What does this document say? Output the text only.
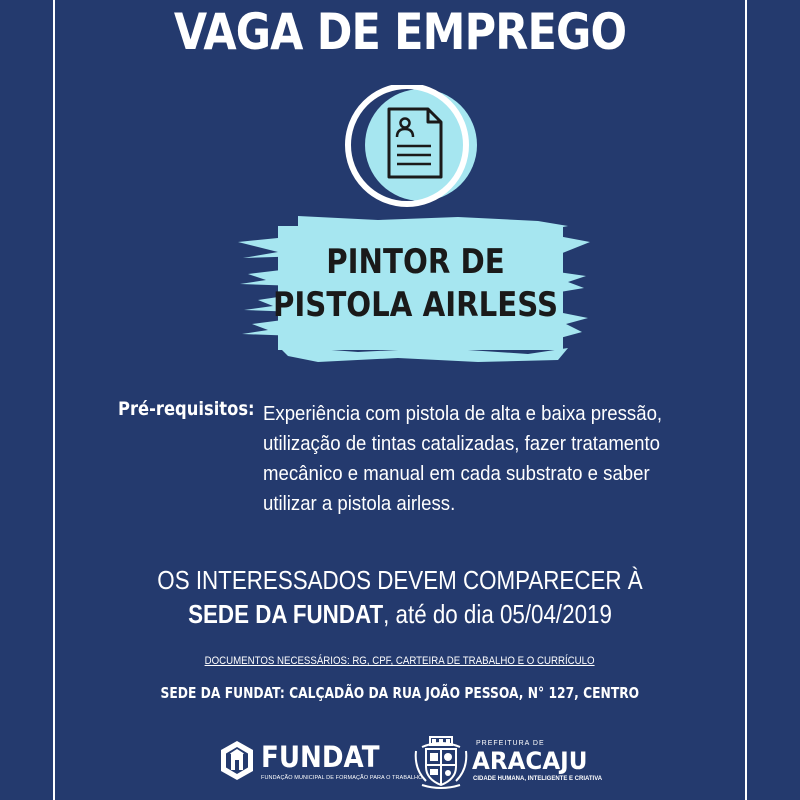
VAGA DE EMPREGO
PINTOR DE
PISTOLA AIRLESS
Pré-requisitos: Experiência com pistola de alta e baixa pressão,
utilização de tintas catalizadas, fazer tratamento
mecânico e manual em cada substrato e saber
utilizar a pistola airless.
OS INTERESSADOS DEVEM COMPARECER À
SEDE DA FUNDAT, até do dia 05/04/2019
DOCUMENTOS NECESSÁRIOS: RG, CPF, CARTEIRA DE TRABALHO E O CURRÍCULO
SEDE DA FUNDAT: CALÇADÃO DA RUA JOÃO PESSOA, N° 127, CENTRO
FUNDAT
FUNDAÇÃO MUNICIPAL DE FORMAÇÃO PARA O TRABALHO
PREFEITURA DE
ARACAJU
CIDADE HUMANA, INTELIGENTE E CRIATIVA
